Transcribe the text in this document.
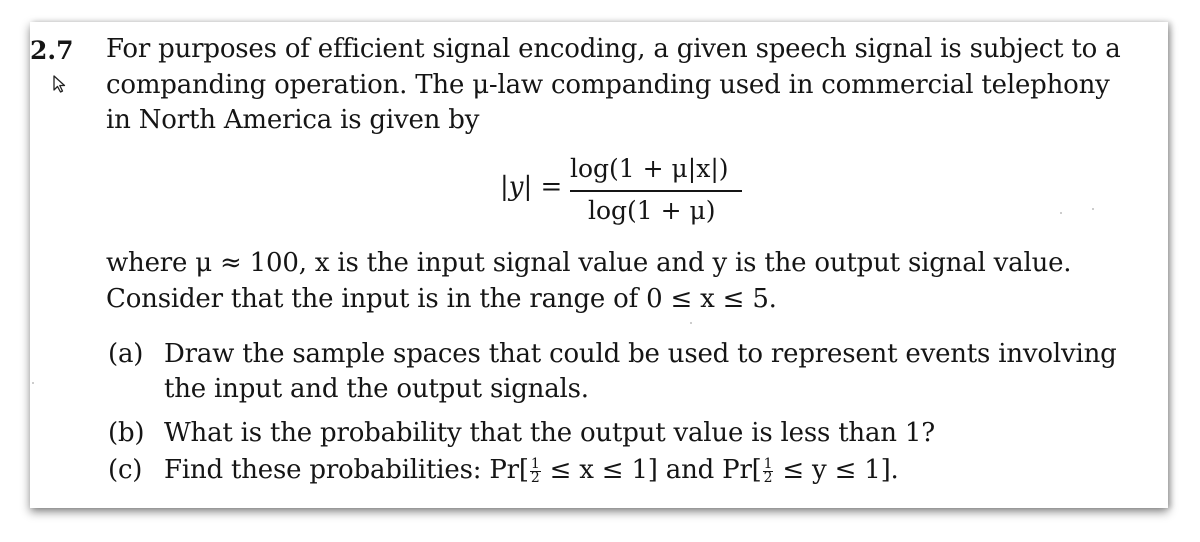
2.7 For purposes of efficient signal encoding, a given speech signal is subject to a
companding operation. The μ-law companding used in commercial telephony
in North America is given by
|y| =
log(1 + μ|x|)
log(1 + μ)
where μ ≈ 100, x is the input signal value and y is the output signal value.
Consider that the input is in the range of 0 ≤ x ≤ 5.
(a) Draw the sample spaces that could be used to represent events involving
the input and the output signals.
(b) What is the probability that the output value is less than 1?
(c) Find these probabilities: $Pr[ \frac{1}{2} \le x \le 1]$ and $Pr[ \frac{1}{2} \le y \le 1]$.
